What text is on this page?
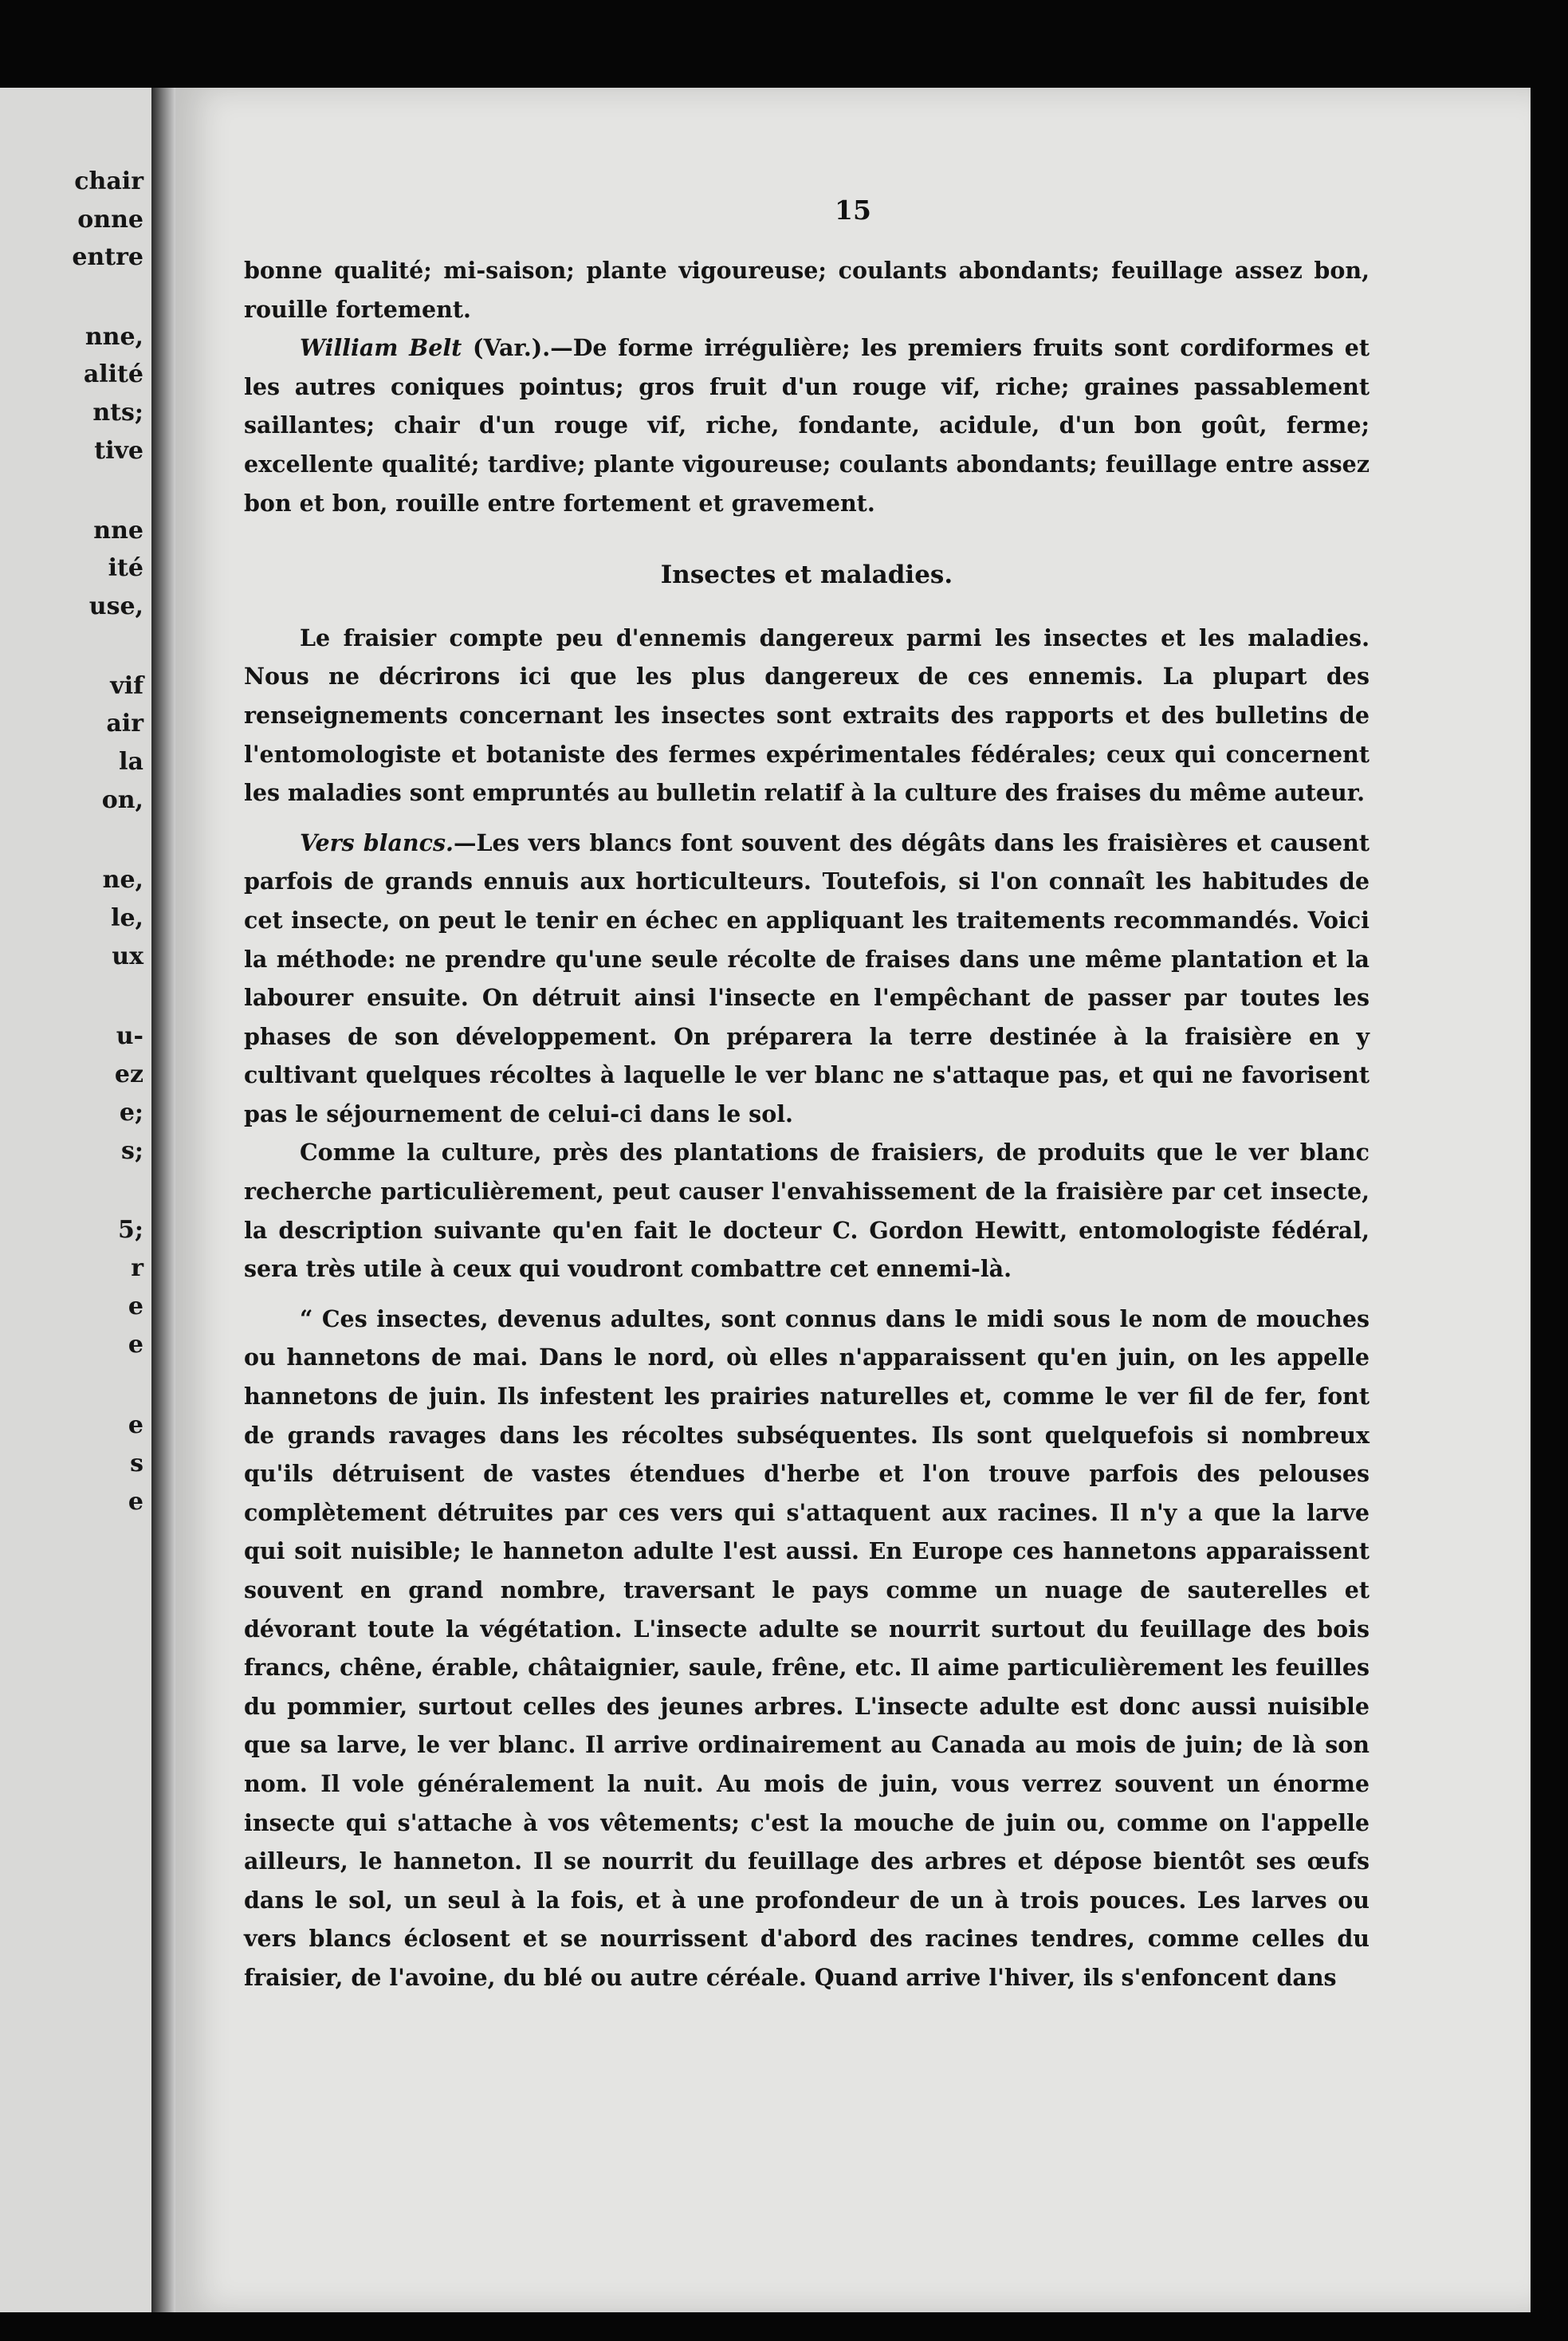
chair
onne
entre
nne,
alité
nts;
tive
nne
ité
use,
vif
air
la
on,
ne,
le,
ux
u-
ez
e;
s;
5;
r
e
e
e
s
e
15

bonne qualité; mi-saison; plante vigoureuse; coulants abondants; feuillage assez bon, rouille fortement.

William Belt (Var.).—De forme irrégulière; les premiers fruits sont cordiformes et les autres coniques pointus; gros fruit d'un rouge vif, riche; graines passablement saillantes; chair d'un rouge vif, riche, fondante, acidule, d'un bon goût, ferme; excellente qualité; tardive; plante vigoureuse; coulants abondants; feuillage entre assez bon et bon, rouille entre fortement et gravement.

Insectes et maladies.

Le fraisier compte peu d'ennemis dangereux parmi les insectes et les maladies. Nous ne décrirons ici que les plus dangereux de ces ennemis. La plupart des renseignements concernant les insectes sont extraits des rapports et des bulletins de l'entomologiste et botaniste des fermes expérimentales fédérales; ceux qui concernent les maladies sont empruntés au bulletin relatif à la culture des fraises du même auteur.

Vers blancs.—Les vers blancs font souvent des dégâts dans les fraisières et causent parfois de grands ennuis aux horticulteurs. Toutefois, si l'on connaît les habitudes de cet insecte, on peut le tenir en échec en appliquant les traitements recommandés. Voici la méthode: ne prendre qu'une seule récolte de fraises dans une même plantation et la labourer ensuite. On détruit ainsi l'insecte en l'empêchant de passer par toutes les phases de son développement. On préparera la terre destinée à la fraisière en y cultivant quelques récoltes à laquelle le ver blanc ne s'attaque pas, et qui ne favorisent pas le séjournement de celui-ci dans le sol.

Comme la culture, près des plantations de fraisiers, de produits que le ver blanc recherche particulièrement, peut causer l'envahissement de la fraisière par cet insecte, la description suivante qu'en fait le docteur C. Gordon Hewitt, entomologiste fédéral, sera très utile à ceux qui voudront combattre cet ennemi-là.

“ Ces insectes, devenus adultes, sont connus dans le midi sous le nom de mouches ou hannetons de mai. Dans le nord, où elles n'apparaissent qu'en juin, on les appelle hannetons de juin. Ils infestent les prairies naturelles et, comme le ver fil de fer, font de grands ravages dans les récoltes subséquentes. Ils sont quelquefois si nombreux qu'ils détruisent de vastes étendues d'herbe et l'on trouve parfois des pelouses complètement détruites par ces vers qui s'attaquent aux racines. Il n'y a que la larve qui soit nuisible; le hanneton adulte l'est aussi. En Europe ces hannetons apparaissent souvent en grand nombre, traversant le pays comme un nuage de sauterelles et dévorant toute la végétation. L'insecte adulte se nourrit surtout du feuillage des bois francs, chêne, érable, châtaignier, saule, frêne, etc. Il aime particulièrement les feuilles du pommier, surtout celles des jeunes arbres. L'insecte adulte est donc aussi nuisible que sa larve, le ver blanc. Il arrive ordinairement au Canada au mois de juin; de là son nom. Il vole généralement la nuit. Au mois de juin, vous verrez souvent un énorme insecte qui s'attache à vos vêtements; c'est la mouche de juin ou, comme on l'appelle ailleurs, le hanneton. Il se nourrit du feuillage des arbres et dépose bientôt ses œufs dans le sol, un seul à la fois, et à une profondeur de un à trois pouces. Les larves ou vers blancs éclosent et se nourrissent d'abord des racines tendres, comme celles du fraisier, de l'avoine, du blé ou autre céréale. Quand arrive l'hiver, ils s'enfoncent dans
